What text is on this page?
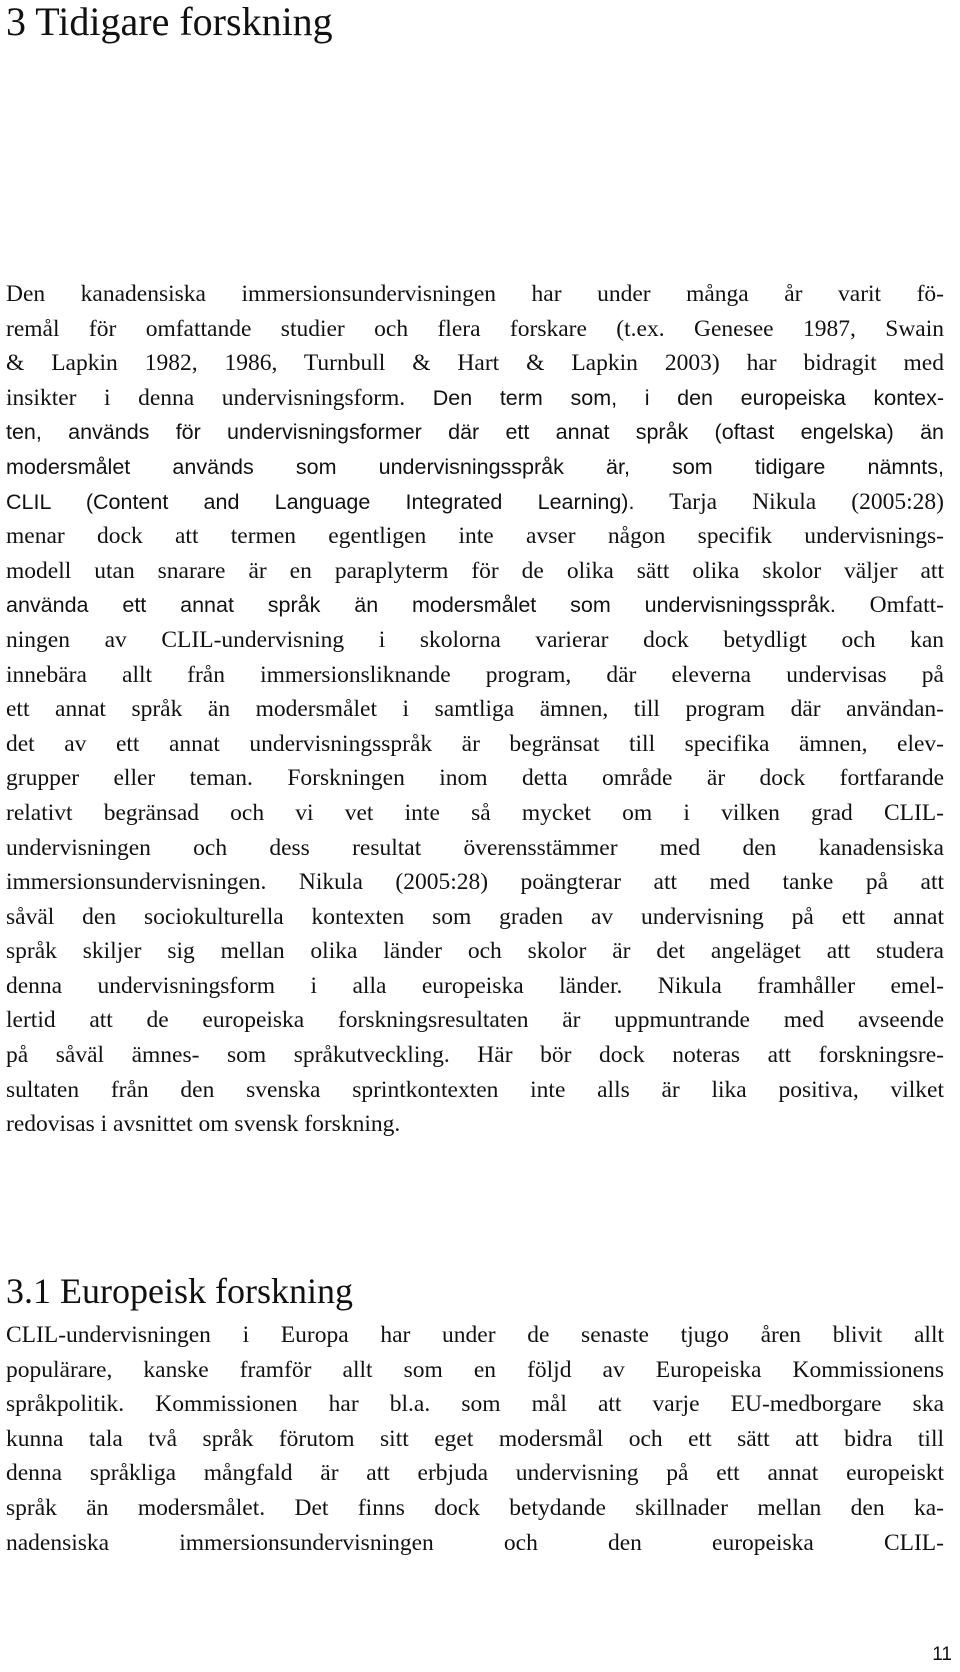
3 Tidigare forskning
Den kanadensiska immersionsundervisningen har under många år varit fö-
remål för omfattande studier och flera forskare (t.ex. Genesee 1987, Swain
& Lapkin 1982, 1986, Turnbull & Hart & Lapkin 2003) har bidragit med
insikter i denna undervisningsform. Den term som, i den europeiska kontex-
ten, används för undervisningsformer där ett annat språk (oftast engelska) än
modersmålet används som undervisningsspråk är, som tidigare nämnts,
CLIL (Content and Language Integrated Learning). Tarja Nikula (2005:28)
menar dock att termen egentligen inte avser någon specifik undervisnings-
modell utan snarare är en paraplyterm för de olika sätt olika skolor väljer att
använda ett annat språk än modersmålet som undervisningsspråk. Omfatt-
ningen av CLIL-undervisning i skolorna varierar dock betydligt och kan
innebära allt från immersionsliknande program, där eleverna undervisas på
ett annat språk än modersmålet i samtliga ämnen, till program där användan-
det av ett annat undervisningsspråk är begränsat till specifika ämnen, elev-
grupper eller teman. Forskningen inom detta område är dock fortfarande
relativt begränsad och vi vet inte så mycket om i vilken grad CLIL-
undervisningen och dess resultat överensstämmer med den kanadensiska
immersionsundervisningen. Nikula (2005:28) poängterar att med tanke på att
såväl den sociokulturella kontexten som graden av undervisning på ett annat
språk skiljer sig mellan olika länder och skolor är det angeläget att studera
denna undervisningsform i alla europeiska länder. Nikula framhåller emel-
lertid att de europeiska forskningsresultaten är uppmuntrande med avseende
på såväl ämnes- som språkutveckling. Här bör dock noteras att forskningsre-
sultaten från den svenska sprintkontexten inte alls är lika positiva, vilket
redovisas i avsnittet om svensk forskning.
3.1 Europeisk forskning
CLIL-undervisningen i Europa har under de senaste tjugo åren blivit allt
populärare, kanske framför allt som en följd av Europeiska Kommissionens
språkpolitik. Kommissionen har bl.a. som mål att varje EU-medborgare ska
kunna tala två språk förutom sitt eget modersmål och ett sätt att bidra till
denna språkliga mångfald är att erbjuda undervisning på ett annat europeiskt
språk än modersmålet. Det finns dock betydande skillnader mellan den ka-
nadensiska immersionsundervisningen och den europeiska CLIL-
11
